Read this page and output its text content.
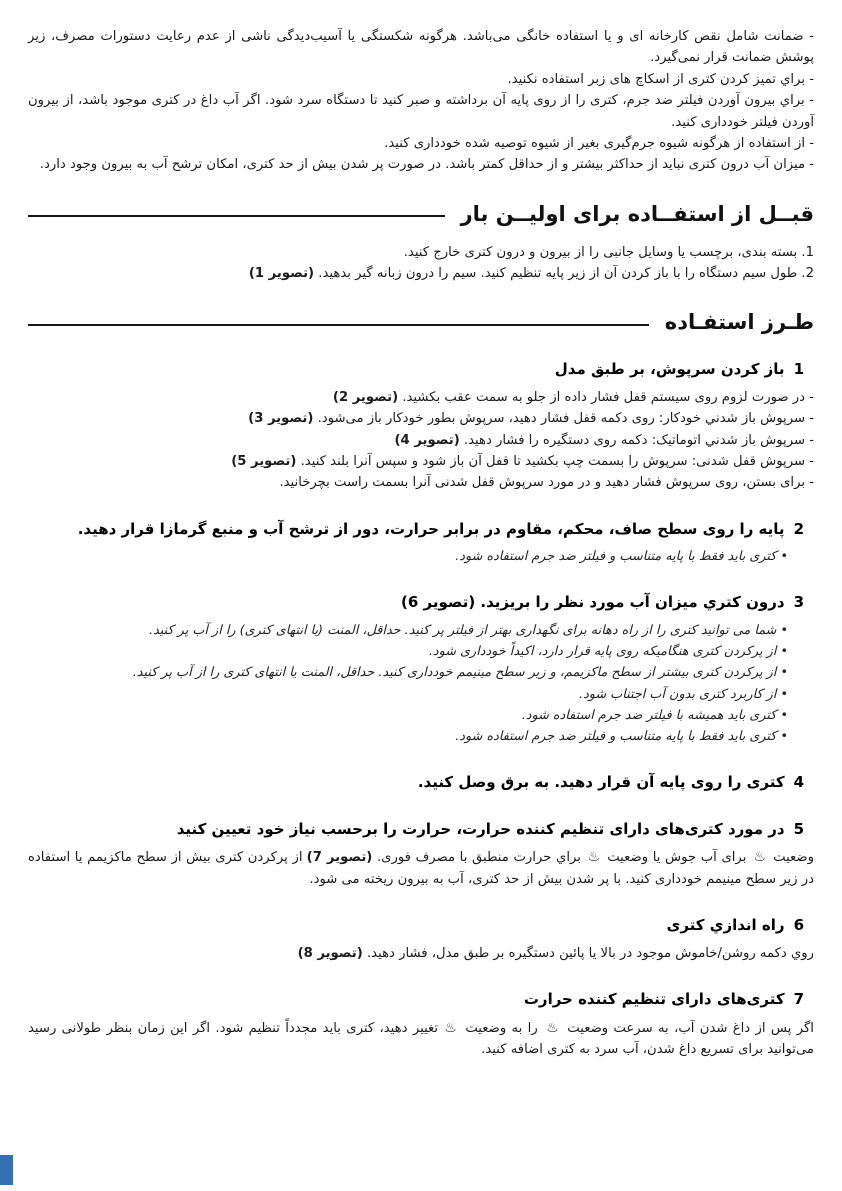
- ضمانت شامل نقص کارخانه ای و یا استفاده خانگی می‌باشد. هرگونه شکستگی یا آسیب‌دیدگی ناشی از عدم رعایت دستورات مصرف، زیر پوشش ضمانت قرار نمی‌گیرد.

- براي تمیز کردن کتری از اسکاچ های زبر استفاده نکنید.

- براي بیرون آوردن فیلتر ضد جرم، کتری را از روی پایه آن برداشته و صبر کنید تا دستگاه سرد شود. اگر آب داغ در کتری موجود باشد، از بیرون آوردن فیلتر خودداری کنید.

- از استفاده از هرگونه شیوه جرم‌گیری بغیر از شیوه توصیه شده خودداری کنید.

- میزان آب درون کتری نباید از حداکثر بیشتر و از حداقل کمتر باشد. در صورت پر شدن بیش از حد کتری، امکان ترشح آب به بیرون وجود دارد.

قبــل از استفــاده برای اولیــن بار

1. بسته بندی، برچسب یا وسایل جانبی را از بیرون و درون کتری خارج کنید.

2. طول سیم دستگاه را با باز کردن آن از زیر پایه تنظیم کنید. سیم را درون زبانه گیر بدهید. (تصویر 1)

طـرز استفـاده

1باز کردن سرپوش، بر طبق مدل

- در صورت لزوم روی سیستم قفل فشار داده از جلو به سمت عقب بکشید. (تصویر 2)

- سرپوش باز شدني خودکار: روی دکمه قفل فشار دهید، سرپوش بطور خودکار باز می‌شود. (تصویر 3)

- سرپوش باز شدني اتوماتیک: دکمه روی دستگیره را فشار دهید. (تصویر 4)

- سرپوش قفل شدنی: سرپوش را بسمت چپ بکشید تا قفل آن باز شود و سپس آنرا بلند کنید. (تصویر 5)

- برای بستن، روی سرپوش فشار دهید و در مورد سرپوش قفل شدنی آنرا بسمت راست بچرخانید.

2پایه را روی سطح صاف، محکم، مقاوم در برابر حرارت، دور از ترشح آب و منبع گرمازا قرار دهید.

• کتری باید فقط با پایه متناسب و فیلتر ضد جرم استفاده شود.

3درون کتري میزان آب مورد نظر را بریزید. (تصویر 6)

• شما می توانید کتری را از راه دهانه برای نگهداری بهتر از فیلتر پر کنید. حداقل، المنت (یا انتهای کتری) را از آب پر کنید.

• از پرکردن کتری هنگامیکه روی پایه قرار دارد، اکیداً خودداری شود.

• از پرکردن کتری بیشتر از سطح ماکزیمم، و زیر سطح مینیمم خودداری کنید. حداقل، المنت یا انتهای کتری را از آب پر کنید.

• از کاربرد کتری بدون آب اجتناب شود.

• کتری باید همیشه با فیلتر ضد جرم استفاده شود.

• کتری باید فقط با پایه متناسب و فیلتر ضد جرم استفاده شود.

4کتری را روی پایه آن قرار دهید. به برق وصل کنید.

5در مورد کتری‌های دارای تنظیم کننده حرارت، حرارت را برحسب نیاز خود تعیین کنید

وضعیت ♨ برای آب جوش یا وضعیت ♨ براي حرارت منطبق با مصرف فوری. (تصویر 7) از پرکردن کتری بیش از سطح ماکزیمم یا استفاده در زیر سطح مینیمم خودداری کنید. با پر شدن بیش از حد کتری، آب به بیرون ریخته می شود.

6راه اندازي کتری

روي دکمه روشن/خاموش موجود در بالا یا پائین دستگیره بر طبق مدل، فشار دهید. (تصویر 8)

7کتری‌های دارای تنظیم کننده حرارت

اگر پس از داغ شدن آب، به سرعت وضعیت ♨ را به وضعیت ♨ تغییر دهید، کتری باید مجدداً تنظیم شود. اگر این زمان بنظر طولانی رسید می‌توانید برای تسریع داغ شدن، آب سرد به کتری اضافه کنید.
